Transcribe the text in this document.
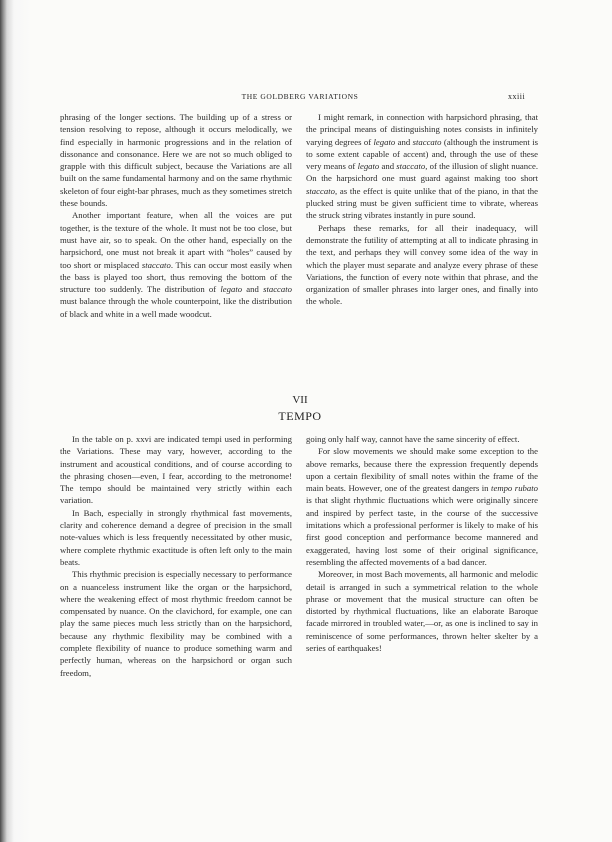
THE GOLDBERG VARIATIONS	xxiii

phrasing of the longer sections. The building up of a stress or tension resolving to repose, although it occurs melodically, we find especially in harmonic progressions and in the relation of dissonance and consonance. Here we are not so much obliged to grapple with this difficult subject, because the Variations are all built on the same fundamental harmony and on the same rhythmic skeleton of four eight-bar phrases, much as they sometimes stretch these bounds.

Another important feature, when all the voices are put together, is the texture of the whole. It must not be too close, but must have air, so to speak. On the other hand, especially on the harpsichord, one must not break it apart with “holes” caused by too short or misplaced staccato. This can occur most easily when the bass is played too short, thus removing the bottom of the structure too suddenly. The distribution of legato and staccato must balance through the whole counterpoint, like the distribution of black and white in a well made woodcut.

I might remark, in connection with harpsichord phrasing, that the principal means of distinguishing notes consists in infinitely varying degrees of legato and staccato (although the instrument is to some extent capable of accent) and, through the use of these very means of legato and staccato, of the illusion of slight nuance. On the harpsichord one must guard against making too short staccato, as the effect is quite unlike that of the piano, in that the plucked string must be given sufficient time to vibrate, whereas the struck string vibrates instantly in pure sound.

Perhaps these remarks, for all their inadequacy, will demonstrate the futility of attempting at all to indicate phrasing in the text, and perhaps they will convey some idea of the way in which the player must separate and analyze every phrase of these Variations, the function of every note within that phrase, and the organization of smaller phrases into larger ones, and finally into the whole.

VII
TEMPO

In the table on p. xxvi are indicated tempi used in performing the Variations. These may vary, however, according to the instrument and acoustical conditions, and of course according to the phrasing chosen—even, I fear, according to the metronome! The tempo should be maintained very strictly within each variation.

In Bach, especially in strongly rhythmical fast movements, clarity and coherence demand a degree of precision in the small note-values which is less frequently necessitated by other music, where complete rhythmic exactitude is often left only to the main beats.

This rhythmic precision is especially necessary to performance on a nuanceless instrument like the organ or the harpsichord, where the weakening effect of most rhythmic freedom cannot be compensated by nuance. On the clavichord, for example, one can play the same pieces much less strictly than on the harpsichord, because any rhythmic flexibility may be combined with a complete flexibility of nuance to produce something warm and perfectly human, whereas on the harpsichord or organ such freedom,

going only half way, cannot have the same sincerity of effect.

For slow movements we should make some exception to the above remarks, because there the expression frequently depends upon a certain flexibility of small notes within the frame of the main beats. However, one of the greatest dangers in tempo rubato is that slight rhythmic fluctuations which were originally sincere and inspired by perfect taste, in the course of the successive imitations which a professional performer is likely to make of his first good conception and performance become mannered and exaggerated, having lost some of their original significance, resembling the affected movements of a bad dancer.

Moreover, in most Bach movements, all harmonic and melodic detail is arranged in such a symmetrical relation to the whole phrase or movement that the musical structure can often be distorted by rhythmical fluctuations, like an elaborate Baroque facade mirrored in troubled water,—or, as one is inclined to say in reminiscence of some performances, thrown helter skelter by a series of earthquakes!
